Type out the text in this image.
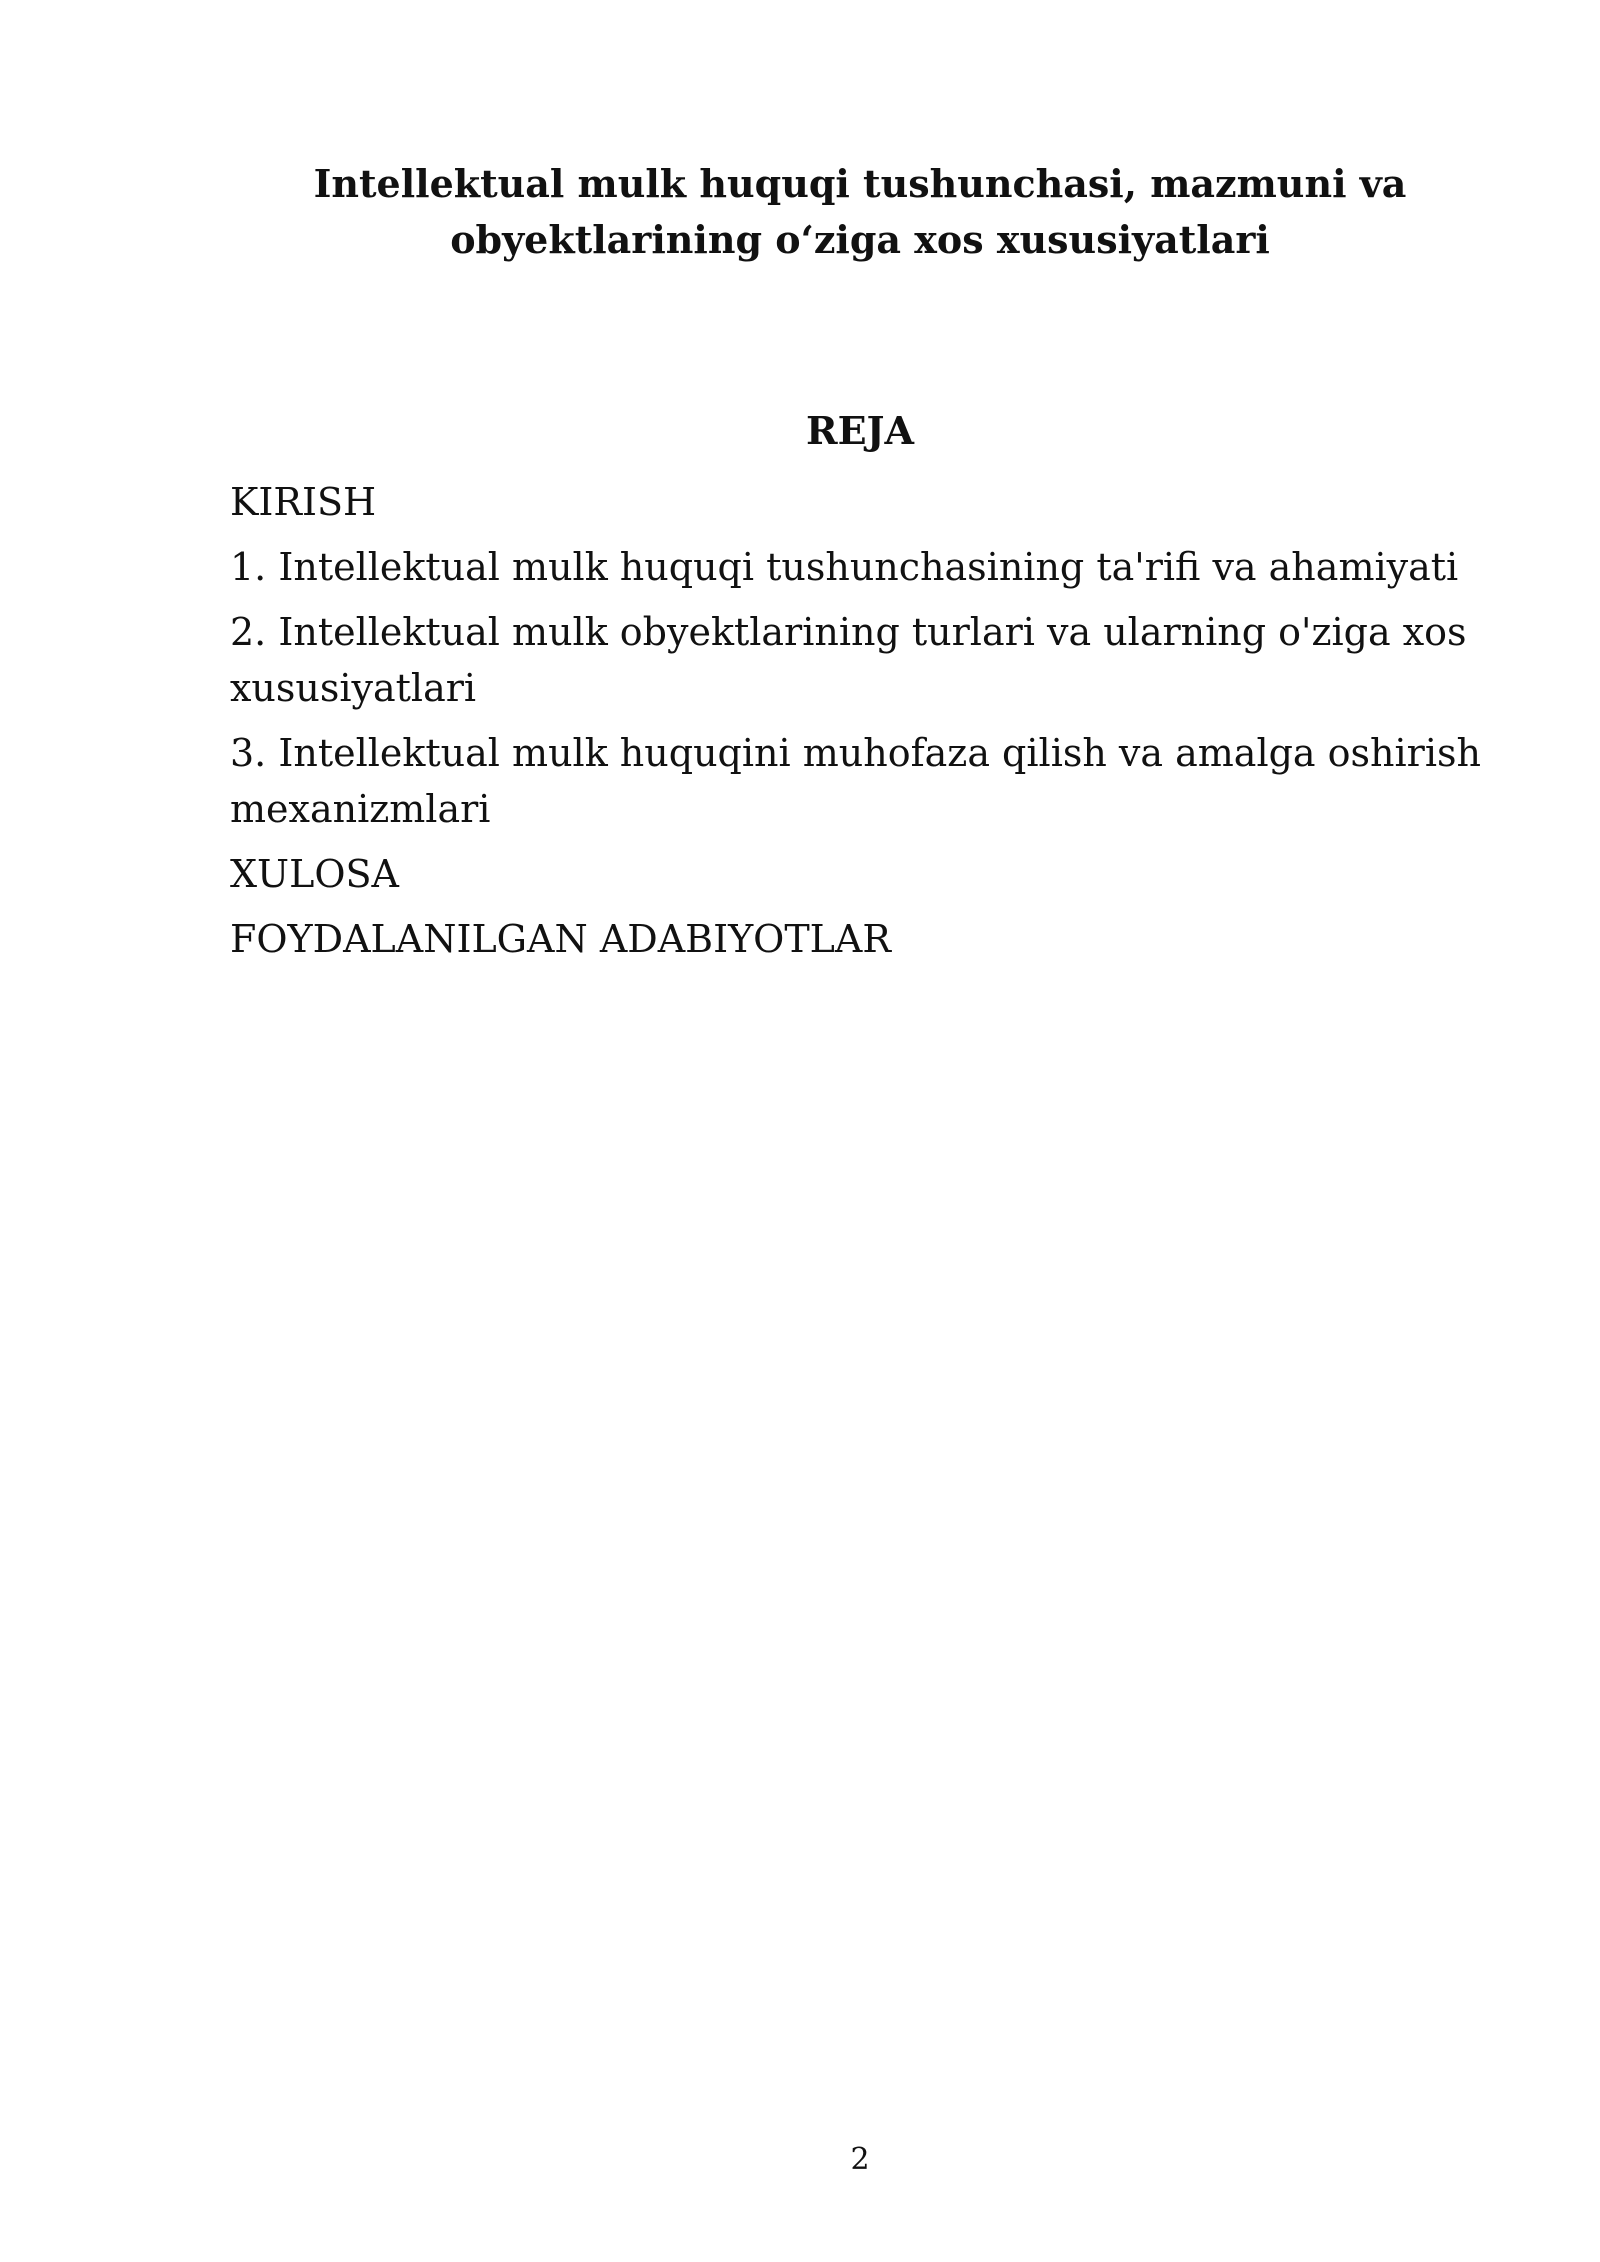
Intellektual mulk huquqi tushunchasi, mazmuni va
obyektlarining o‘ziga xos xususiyatlari
REJA
KIRISH
1. Intellektual mulk huquqi tushunchasining ta'rifi va ahamiyati
2. Intellektual mulk obyektlarining turlari va ularning o'ziga xos xususiyatlari
3. Intellektual mulk huquqini muhofaza qilish va amalga oshirish mexanizmlari
XULOSA
FOYDALANILGAN ADABIYOTLAR
2
